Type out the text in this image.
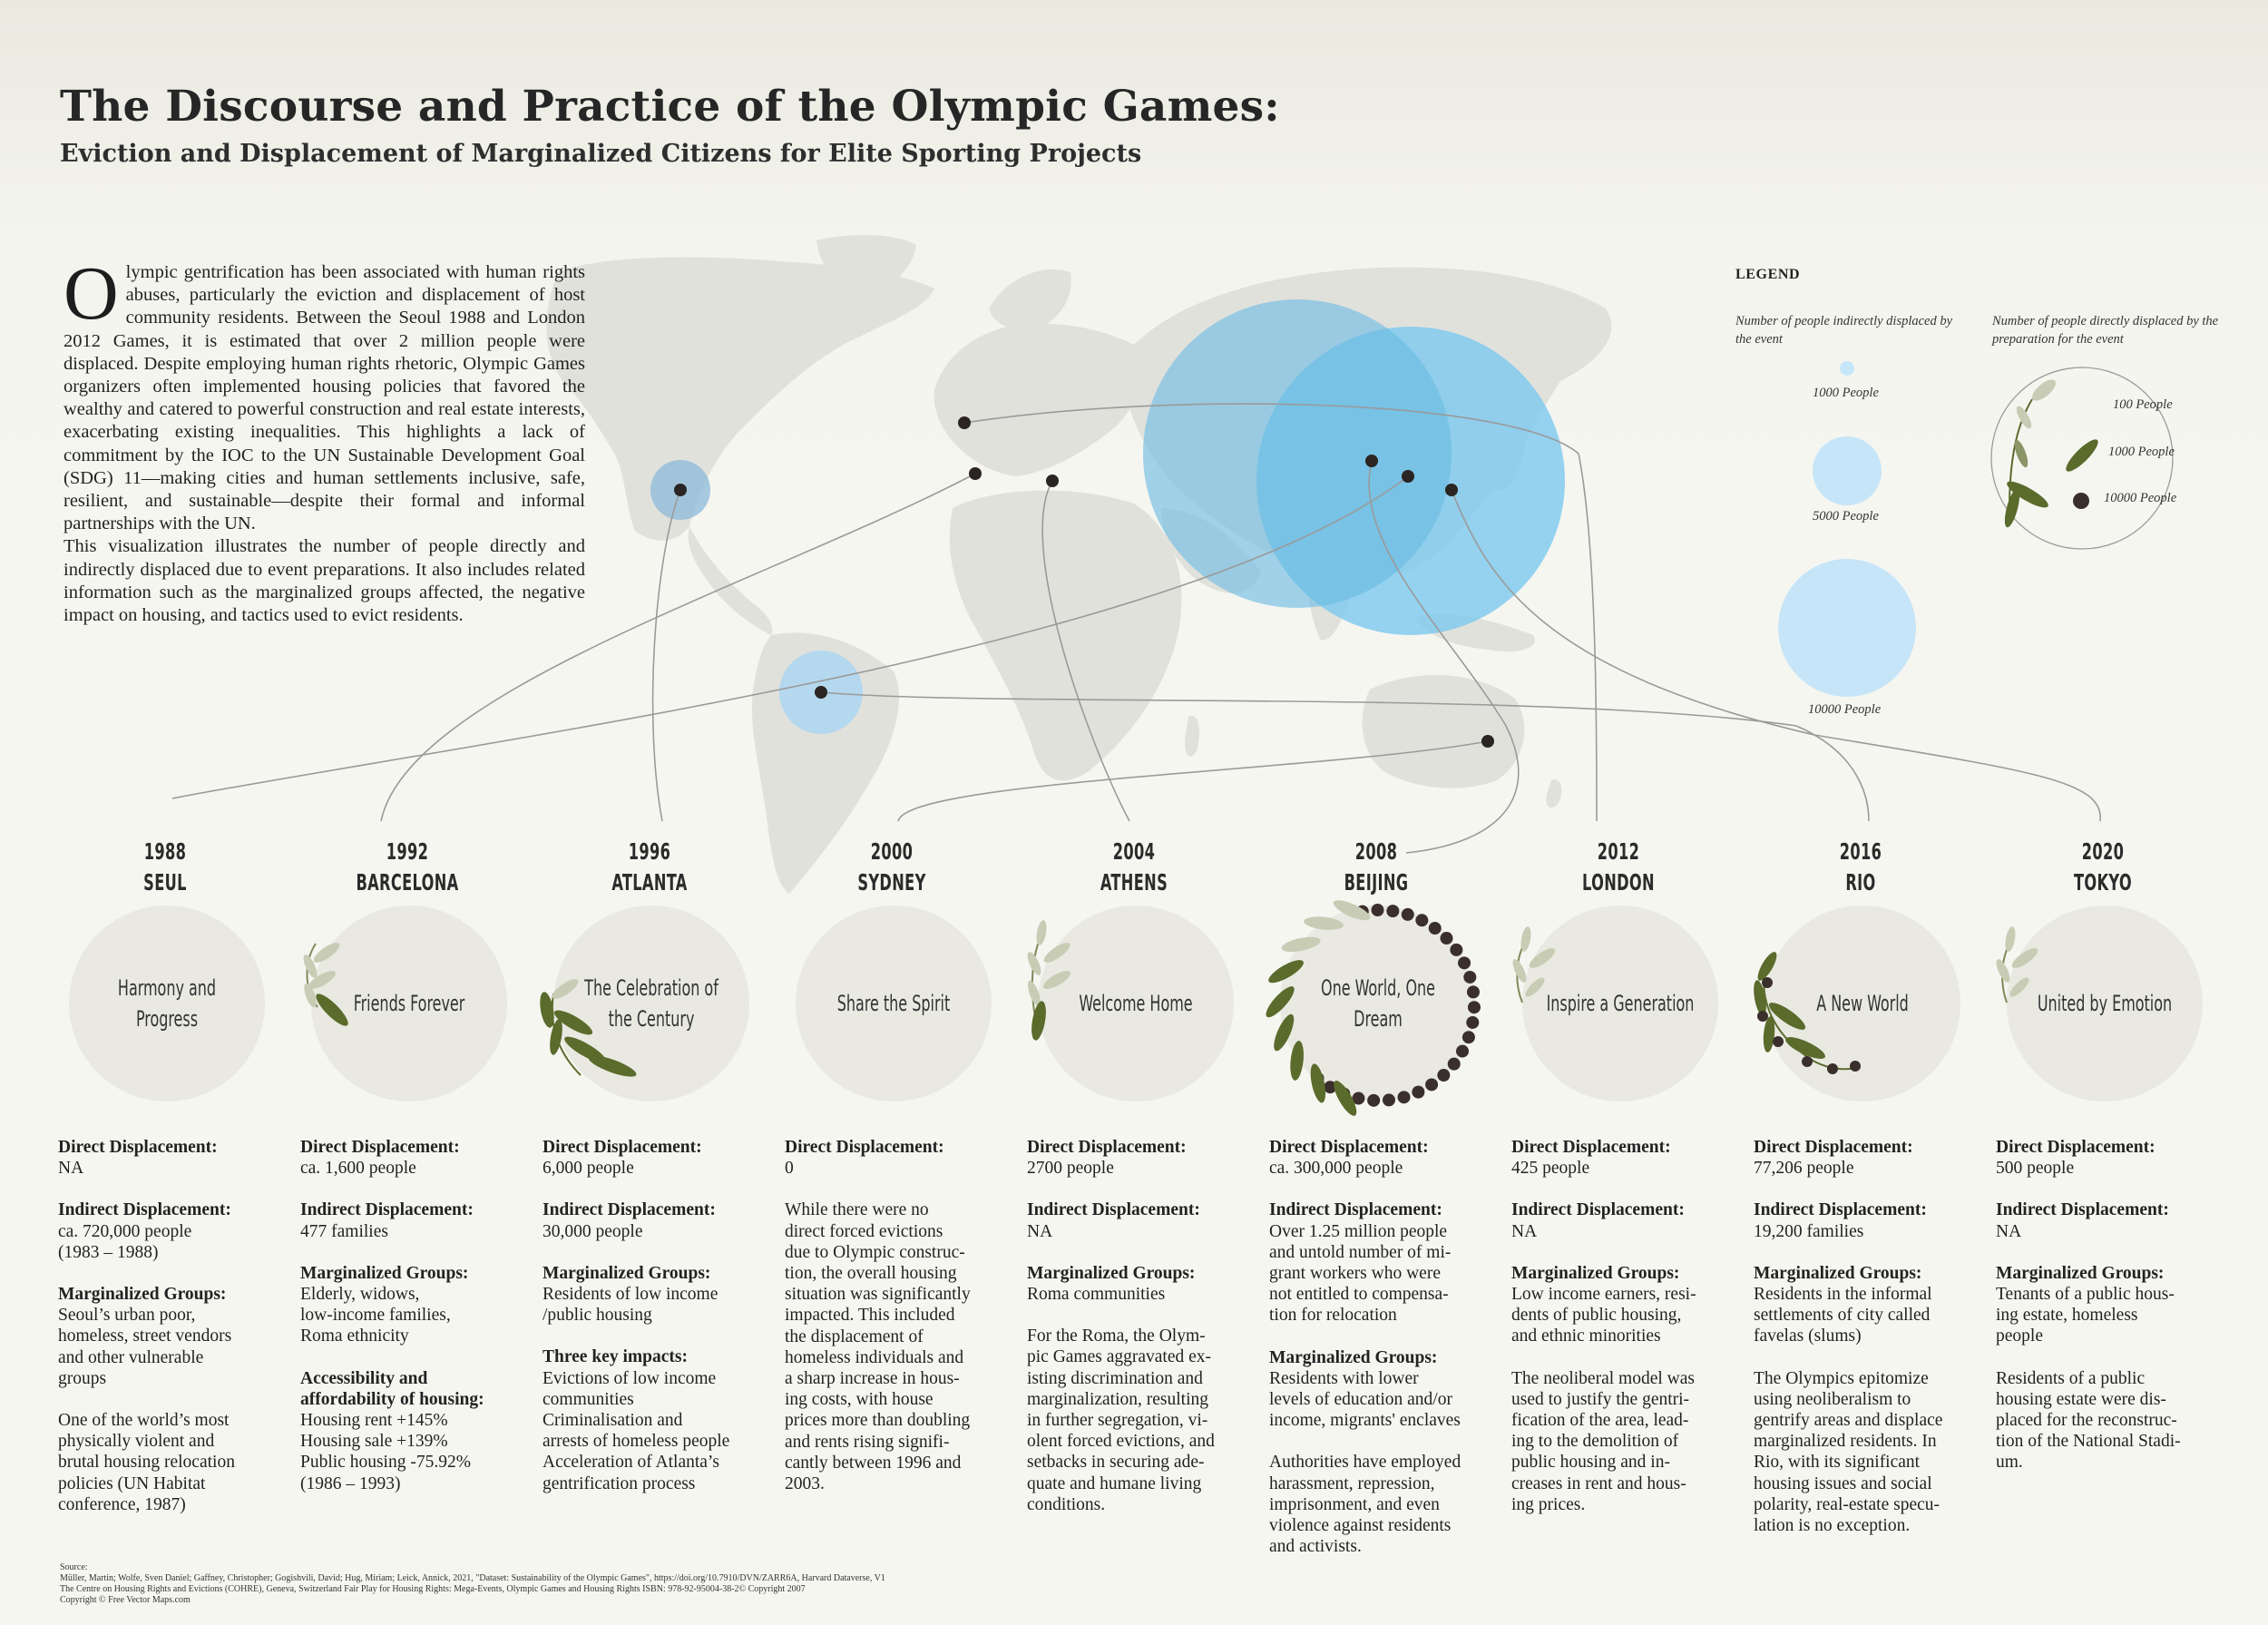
The Discourse and Practice of the Olympic Games:
Eviction and Displacement of Marginalized Citizens for Elite Sporting Projects

Olympic gentrification has been associated with human rights abuses, particularly the eviction and displacement of host community residents. Between the Seoul 1988 and London 2012 Games, it is estimated that over 2 million people were displaced. Despite employing human rights rhetoric, Olympic Games organizers often implemented housing policies that favored the wealthy and catered to powerful construction and real estate interests, exacerbating existing inequalities. This highlights a lack of commitment by the IOC to the UN Sustainable Development Goal (SDG) 11—making cities and human settlements inclusive, safe, resilient, and sustainable—despite their formal and informal partnerships with the UN.

This visualization illustrates the number of people directly and indirectly displaced due to event preparations. It also includes related information such as the marginalized groups affected, the negative impact on housing, and tactics used to evict residents.

LEGEND
Number of people indirectly displaced by the event
Number of people directly displaced by the preparation for the event
1000 People
5000 People
10000 People
100 People
1000 People
10000 People
1988
SEUL
1992
BARCELONA
1996
ATLANTA
2000
SYDNEY
2004
ATHENS
2008
BEIJING
2012
LONDON
2016
RIO
2020
TOKYO
Harmony and Progress
Friends Forever
The Celebration of the Century
Share the Spirit	Welcome Home
One World, One Dream
Inspire a Generation	A New World	United by Emotion
Direct Displacement:
NA
Indirect Displacement:
ca. 720,000 people
(1983 – 1988)
Marginalized Groups:
Seoul’s urban poor,
homeless, street vendors
and other vulnerable
groups
One of the world’s most
physically violent and
brutal housing relocation
policies (UN Habitat
conference, 1987)
Direct Displacement:
ca. 1,600 people
Indirect Displacement:
477 families
Marginalized Groups:
Elderly, widows,
low-income families,
Roma ethnicity
Accessibility and affordability of housing:
Housing rent +145%
Housing sale +139%
Public housing -75.92%
(1986 – 1993)
Direct Displacement:
6,000 people
Indirect Displacement:
30,000 people
Marginalized Groups:
Residents of low income
/public housing
Three key impacts:
Evictions of low income
communities
Criminalisation and
arrests of homeless people
Acceleration of Atlanta’s
gentrification process
Direct Displacement:
0
While there were no
direct forced evictions
due to Olympic construc-
tion, the overall housing
situation was significantly
impacted. This included
the displacement of
homeless individuals and
a sharp increase in hous-
ing costs, with house
prices more than doubling
and rents rising signifi-
cantly between 1996 and
2003.
Direct Displacement:
2700 people
Indirect Displacement:
NA
Marginalized Groups:
Roma communities
For the Roma, the Olym-
pic Games aggravated ex-
isting discrimination and
marginalization, resulting
in further segregation, vi-
olent forced evictions, and
setbacks in securing ade-
quate and humane living
conditions.
Direct Displacement:
ca. 300,000 people
Indirect Displacement:
Over 1.25 million people
and untold number of mi-
grant workers who were
not entitled to compensa-
tion for relocation
Marginalized Groups:
Residents with lower
levels of education and/or
income, migrants' enclaves
Authorities have employed
harassment, repression,
imprisonment, and even
violence against residents
and activists.
Direct Displacement:
425 people
Indirect Displacement:
NA
Marginalized Groups:
Low income earners, resi-
dents of public housing,
and ethnic minorities
The neoliberal model was
used to justify the gentri-
fication of the area, lead-
ing to the demolition of
public housing and in-
creases in rent and hous-
ing prices.
Direct Displacement:
77,206 people
Indirect Displacement:
19,200 families
Marginalized Groups:
Residents in the informal
settlements of city called
favelas (slums)
The Olympics epitomize
using neoliberalism to
gentrify areas and displace
marginalized residents. In
Rio, with its significant
housing issues and social
polarity, real-estate specu-
lation is no exception.
Direct Displacement:
500 people
Indirect Displacement:
NA
Marginalized Groups:
Tenants of a public hous-
ing estate, homeless
people
Residents of a public
housing estate were dis-
placed for the reconstruc-
tion of the National Stadi-
um.
Source:
Müller, Martin; Wolfe, Sven Daniel; Gaffney, Christopher; Gogishvili, David; Hug, Miriam; Leick, Annick, 2021, "Dataset: Sustainability of the Olympic Games", https://doi.org/10.7910/DVN/ZARR6A, Harvard Dataverse, V1
The Centre on Housing Rights and Evictions (COHRE), Geneva, Switzerland Fair Play for Housing Rights: Mega-Events, Olympic Games and Housing Rights ISBN: 978-92-95004-38-2© Copyright 2007
Copyright © Free Vector Maps.com
